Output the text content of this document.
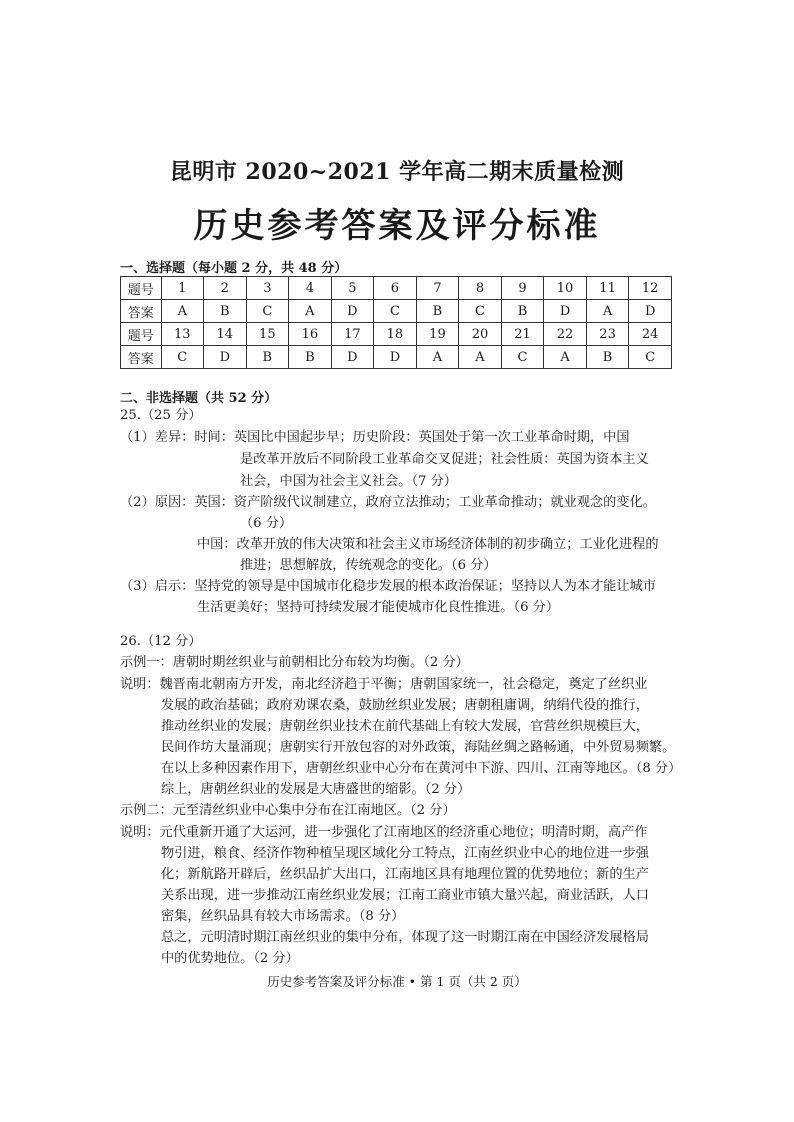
昆明市 2020~2021 学年高二期末质量检测
历史参考答案及评分标准
一、选择题（每小题 2 分，共 48 分）
题号	1	2	3	4	5	6	7	8	9	10	11	12
答案	A	B	C	A	D	C	B	C	B	D	A	D
题号	13	14	15	16	17	18	19	20	21	22	23	24
答案	C	D	B	B	D	D	A	A	C	A	B	C
二、非选择题（共 52 分）
25.（25 分）
（1）差异：时间：英国比中国起步早；历史阶段：英国处于第一次工业革命时期，中国
是改革开放后不同阶段工业革命交叉促进；社会性质：英国为资本主义
社会，中国为社会主义社会。（7 分）
（2）原因：英国：资产阶级代议制建立，政府立法推动；工业革命推动；就业观念的变化。
（6 分）
中国：改革开放的伟大决策和社会主义市场经济体制的初步确立；工业化进程的
推进；思想解放，传统观念的变化。（6 分）
（3）启示：坚持党的领导是中国城市化稳步发展的根本政治保证；坚持以人为本才能让城市
生活更美好；坚持可持续发展才能使城市化良性推进。（6 分）
26.（12 分）
示例一：唐朝时期丝织业与前朝相比分布较为均衡。（2 分）
说明：魏晋南北朝南方开发，南北经济趋于平衡；唐朝国家统一，社会稳定，奠定了丝织业
发展的政治基础；政府劝课农桑，鼓励丝织业发展；唐朝租庸调，纳绢代役的推行，
推动丝织业的发展；唐朝丝织业技术在前代基础上有较大发展，官营丝织规模巨大，
民间作坊大量涌现；唐朝实行开放包容的对外政策，海陆丝绸之路畅通，中外贸易频繁。
在以上多种因素作用下，唐朝丝织业中心分布在黄河中下游、四川、江南等地区。（8 分）
综上，唐朝丝织业的发展是大唐盛世的缩影。（2 分）
示例二：元至清丝织业中心集中分布在江南地区。（2 分）
说明：元代重新开通了大运河，进一步强化了江南地区的经济重心地位；明清时期，高产作
物引进，粮食、经济作物种植呈现区域化分工特点，江南丝织业中心的地位进一步强
化；新航路开辟后，丝织品扩大出口，江南地区具有地理位置的优势地位；新的生产
关系出现，进一步推动江南丝织业发展；江南工商业市镇大量兴起，商业活跃，人口
密集，丝织品具有较大市场需求。（8 分）
总之，元明清时期江南丝织业的集中分布，体现了这一时期江南在中国经济发展格局
中的优势地位。（2 分）
历史参考答案及评分标准 • 第 1 页（共 2 页）
